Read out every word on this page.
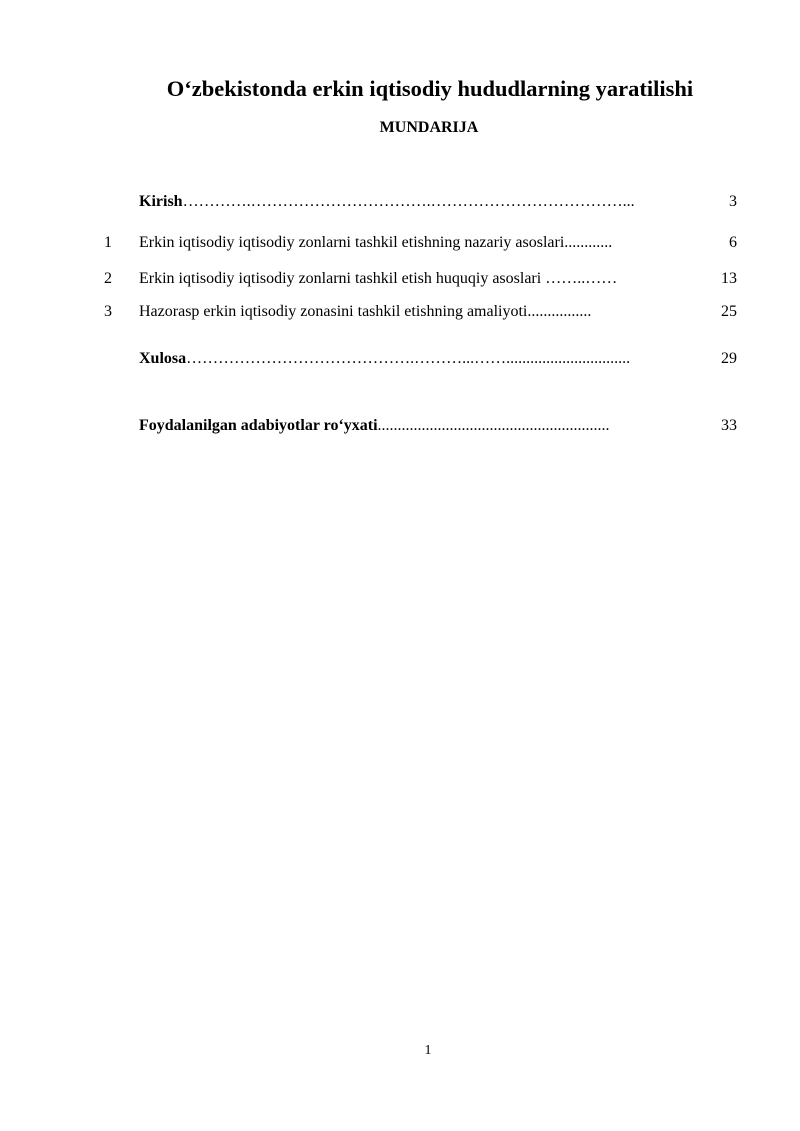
O‘zbekistonda erkin iqtisodiy hududlarning yaratilishi
MUNDARIJA
Kirish………….…………………………….………………………………...	3
1 Erkin iqtisodiy iqtisodiy zonlarni tashkil etishning nazariy asoslari............	6
2 Erkin iqtisodiy iqtisodiy zonlarni tashkil etish huquqiy asoslari ……..……	13
3 Hazorasp erkin iqtisodiy zonasini tashkil etishning amaliyoti................	25
Xulosa…………………………………….………...……...............................	29
Foydalanilgan adabiyotlar ro‘yxati..........................................................	33
1
